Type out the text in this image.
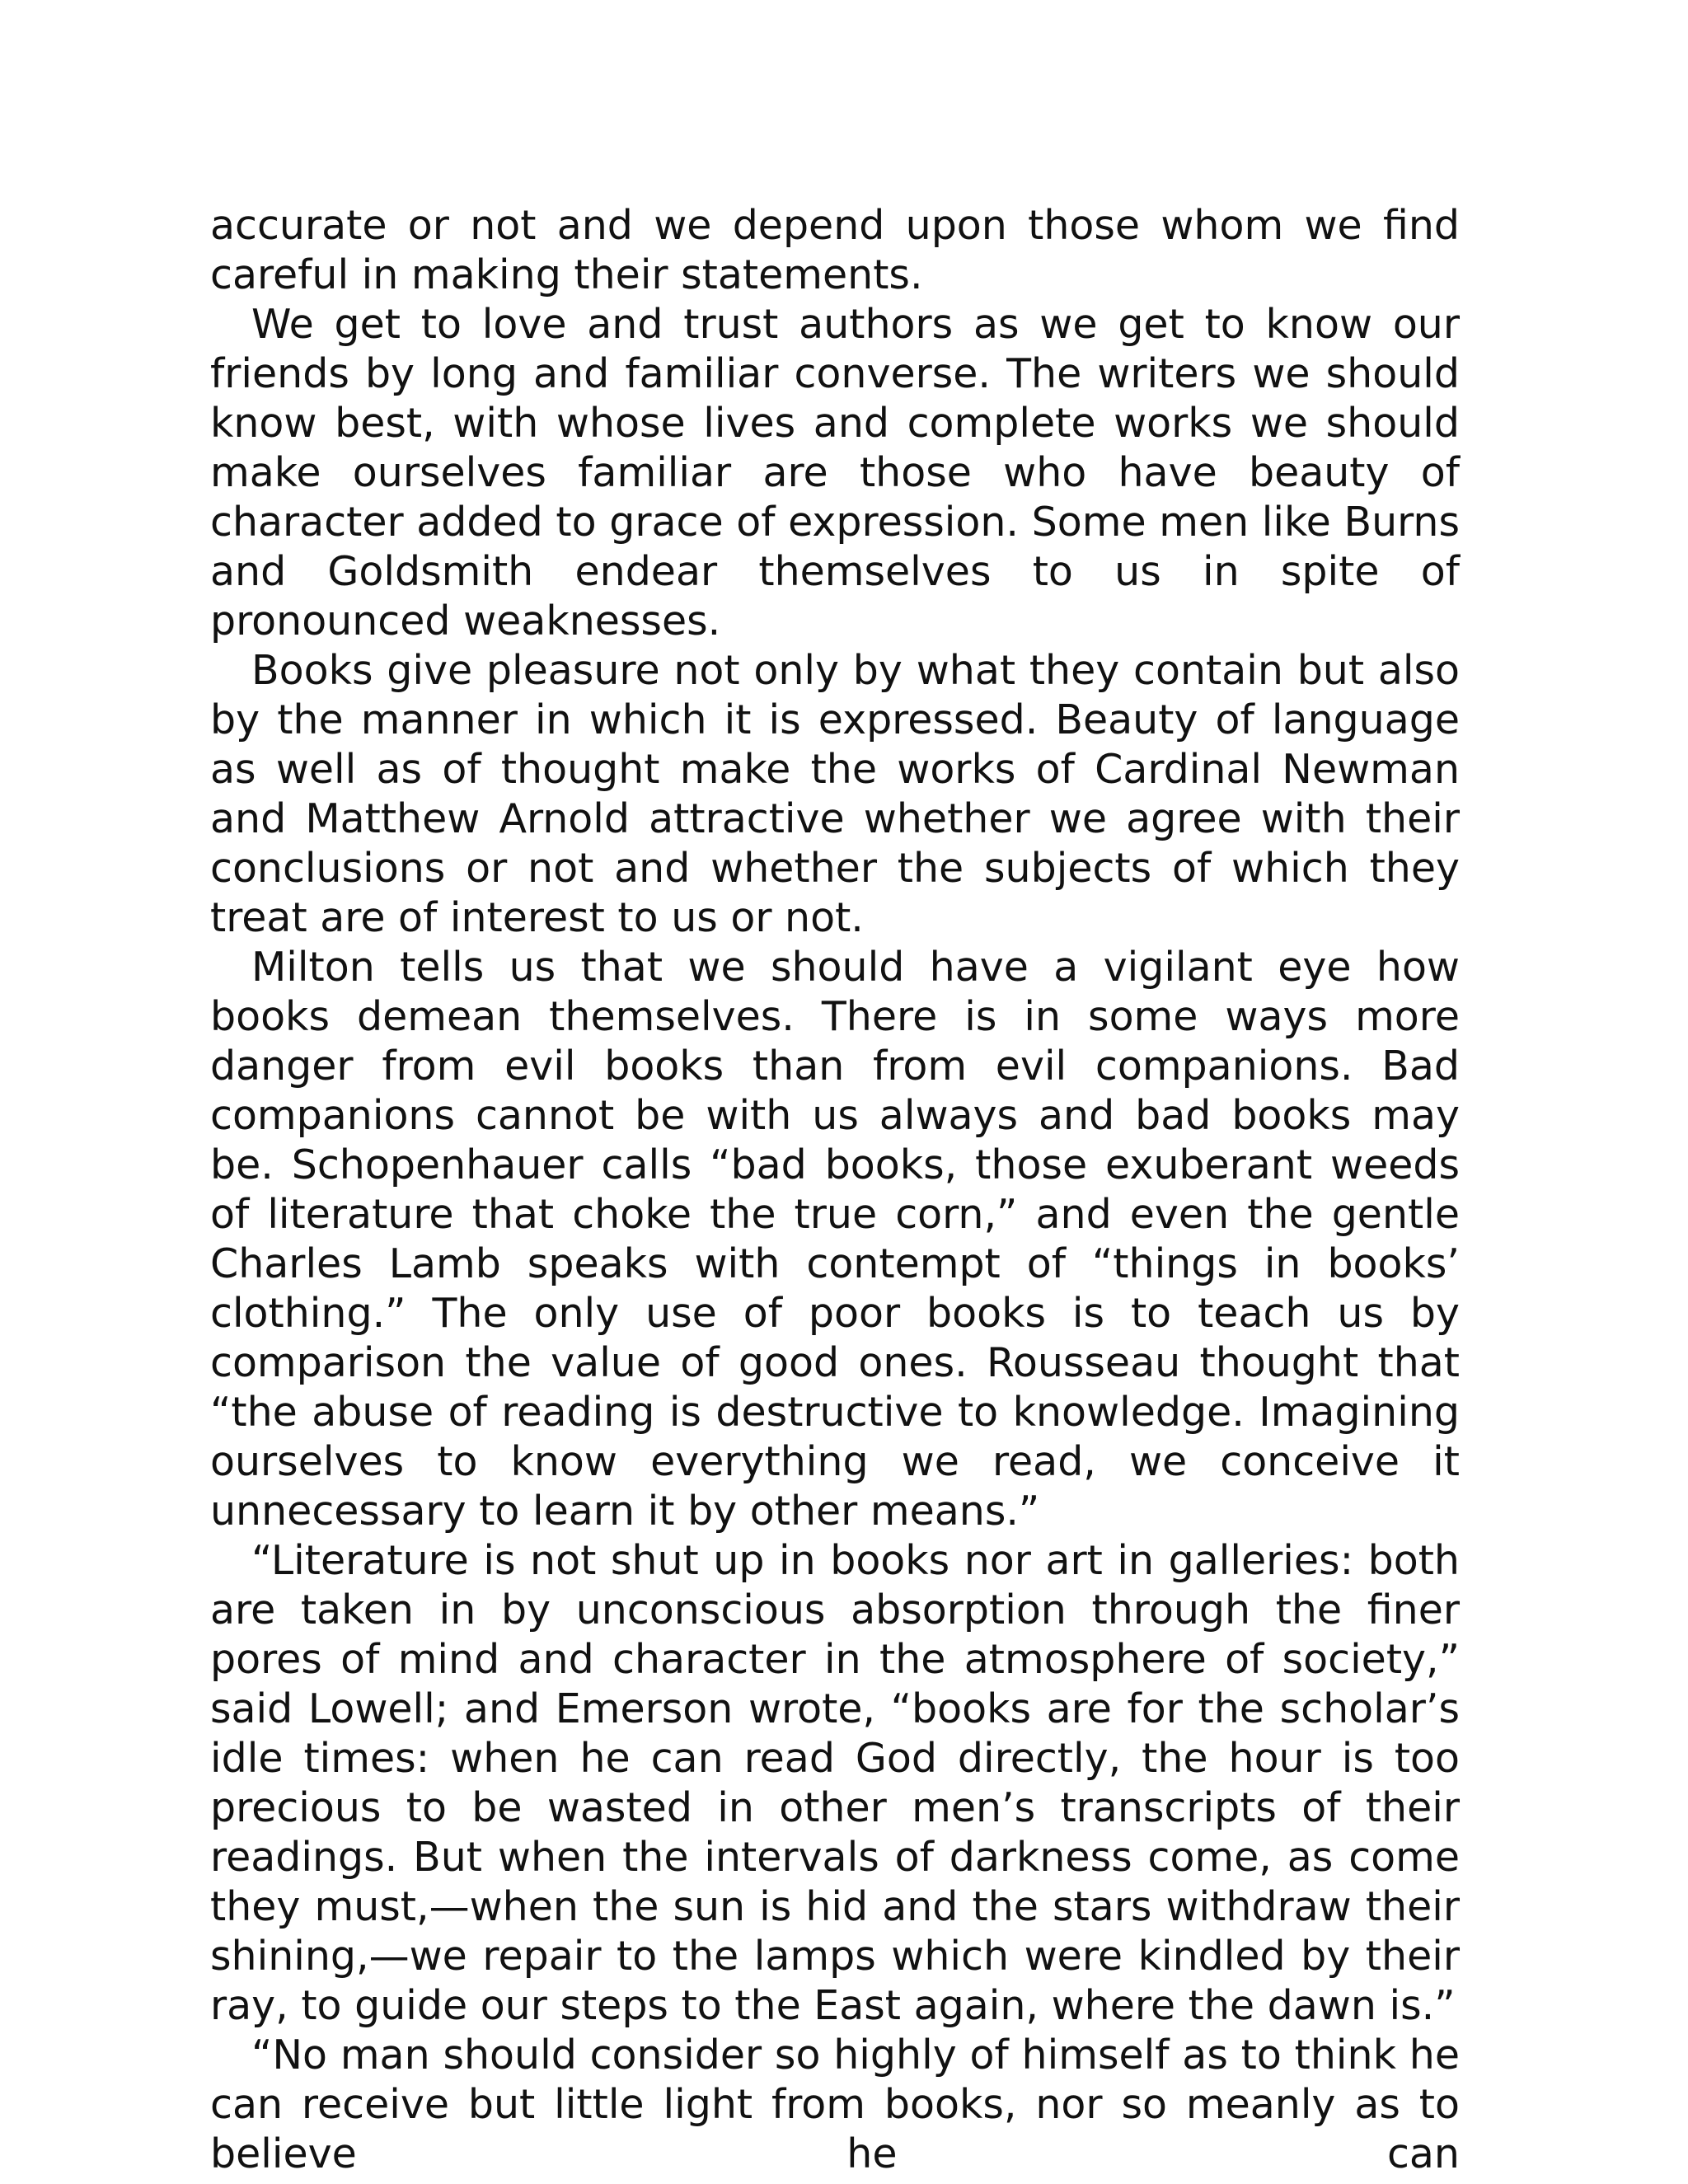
accurate or not and we depend upon those whom we find careful in making their statements.

We get to love and trust authors as we get to know our friends by long and familiar converse. The writers we should know best, with whose lives and complete works we should make ourselves familiar are those who have beauty of character added to grace of expression. Some men like Burns and Goldsmith endear themselves to us in spite of pronounced weaknesses.

Books give pleasure not only by what they contain but also by the manner in which it is expressed. Beauty of language as well as of thought make the works of Cardinal Newman and Matthew Arnold attractive whether we agree with their conclusions or not and whether the subjects of which they treat are of interest to us or not.

Milton tells us that we should have a vigilant eye how books demean themselves. There is in some ways more danger from evil books than from evil companions. Bad companions cannot be with us always and bad books may be. Schopenhauer calls “bad books, those exuberant weeds of literature that choke the true corn,” and even the gentle Charles Lamb speaks with contempt of “things in books’ clothing.” The only use of poor books is to teach us by comparison the value of good ones. Rousseau thought that “the abuse of reading is destructive to knowledge. Imagining ourselves to know everything we read, we conceive it unnecessary to learn it by other means.”

“Literature is not shut up in books nor art in galleries: both are taken in by unconscious absorption through the finer pores of mind and character in the atmosphere of society,” said Lowell; and Emerson wrote, “books are for the scholar’s idle times: when he can read God directly, the hour is too precious to be wasted in other men’s transcripts of their readings. But when the intervals of darkness come, as come they must,—when the sun is hid and the stars withdraw their shining,—we repair to the lamps which were kindled by their ray, to guide our steps to the East again, where the dawn is.”

“No man should consider so highly of himself as to think he can receive but little light from books, nor so meanly as to believe he can
